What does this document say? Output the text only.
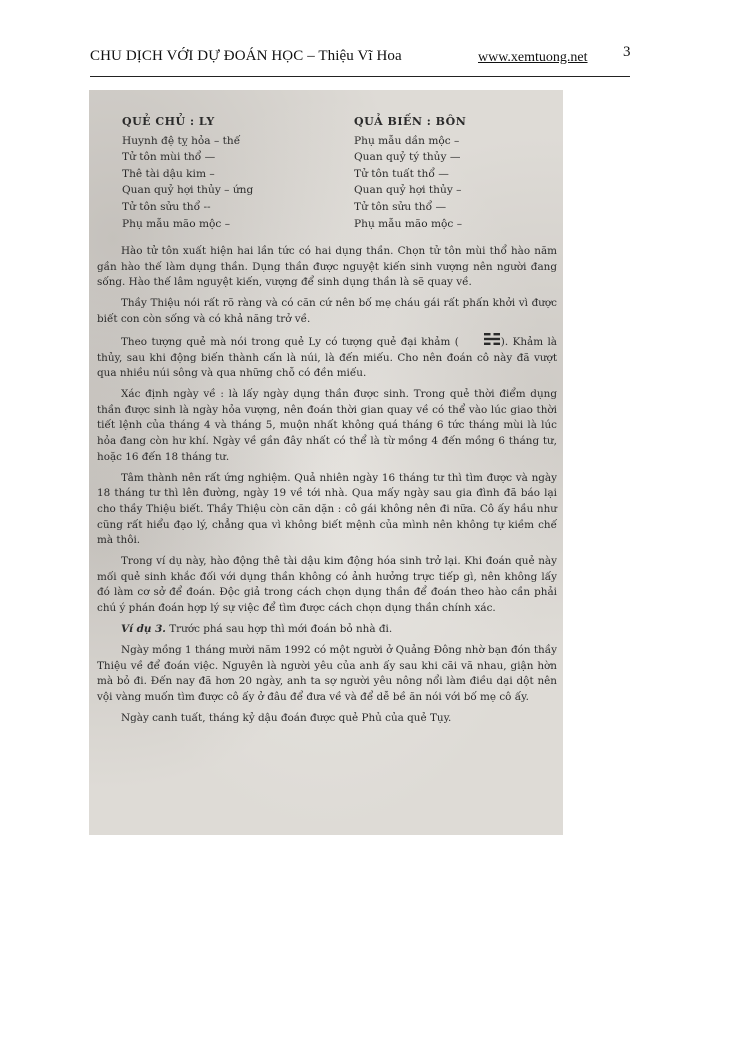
CHU DỊCH VỚI DỰ ĐOÁN HỌC – Thiệu Vĩ Hoa	www.xemtuong.net 3
QUẺ CHỦ : LY
Huynh đệ tỵ hỏa – thế
Tử tôn mùi thổ —
Thê tài dậu kim –
Quan quỷ hợi thủy – ứng
Tử tôn sửu thổ --
Phụ mẫu mão mộc –
QUẢ BIẾN : BÔN
Phụ mẫu dần mộc –
Quan quỷ tý thủy —
Tử tôn tuất thổ —
Quan quỷ hợi thủy –
Tử tôn sửu thổ —
Phụ mẫu mão mộc –

Hào tử tôn xuất hiện hai lần tức có hai dụng thần. Chọn tử tôn mùi thổ hào năm gần hào thế làm dụng thần. Dụng thần được nguyệt kiến sinh vượng nên người đang sống. Hào thế lâm nguyệt kiến, vượng để sinh dụng thần là sẽ quay về.

Thầy Thiệu nói rất rõ ràng và có căn cứ nên bố mẹ cháu gái rất phấn khởi vì được biết con còn sống và có khả năng trở về.

Theo tượng quẻ mà nói trong quẻ Ly có tượng quẻ đại khảm (	). Khảm là thủy, sau khi động biến thành cấn là núi, là đến miếu. Cho nên đoán cô này đã vượt qua nhiều núi sông và qua những chỗ có đền miếu.

Xác định ngày về : là lấy ngày dụng thần được sinh. Trong quẻ thời điểm dụng thần được sinh là ngày hỏa vượng, nên đoán thời gian quay về có thể vào lúc giao thời tiết lệnh của tháng 4 và tháng 5, muộn nhất không quá tháng 6 tức tháng mùi là lúc hỏa đang còn hư khí. Ngày về gần đây nhất có thể là từ mồng 4 đến mồng 6 tháng tư, hoặc 16 đến 18 tháng tư.

Tâm thành nên rất ứng nghiệm. Quả nhiên ngày 16 tháng tư thì tìm được và ngày 18 tháng tư thì lên đường, ngày 19 về tới nhà. Qua mấy ngày sau gia đình đã báo lại cho thầy Thiệu biết. Thầy Thiệu còn căn dặn : cô gái không nên đi nữa. Cô ấy hầu như cũng rất hiểu đạo lý, chẳng qua vì không biết mệnh của mình nên không tự kiềm chế mà thôi.

Trong ví dụ này, hào động thê tài dậu kim động hóa sinh trở lại. Khi đoán quẻ này mối quẻ sinh khắc đối với dụng thần không có ảnh hưởng trực tiếp gì, nên không lấy đó làm cơ sở để đoán. Độc giả trong cách chọn dụng thần để đoán theo hào cần phải chú ý phán đoán hợp lý sự việc để tìm được cách chọn dụng thần chính xác.

Ví dụ 3. Trước phá sau hợp thì mới đoán bỏ nhà đi.

Ngày mồng 1 tháng mười năm 1992 có một người ở Quảng Đông nhờ bạn đón thầy Thiệu về để đoán việc. Nguyên là người yêu của anh ấy sau khi cãi vã nhau, giận hờn mà bỏ đi. Đến nay đã hơn 20 ngày, anh ta sợ người yêu nông nổi làm điều dại dột nên vội vàng muốn tìm được cô ấy ở đâu để đưa về và để dễ bề ăn nói với bố mẹ cô ấy.

Ngày canh tuất, tháng kỷ dậu đoán được quẻ Phủ của quẻ Tụy.
